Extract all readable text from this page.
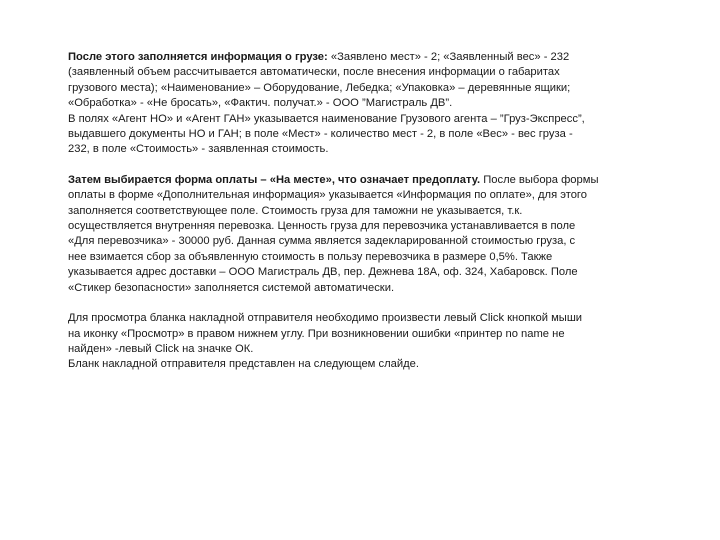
После этого заполняется информация о грузе: «Заявлено мест» - 2; «Заявленный вес» - 232
(заявленный объем рассчитывается автоматически, после внесения информации о габаритах
грузового места); «Наименование» – Оборудование, Лебедка; «Упаковка» – деревянные ящики;
«Обработка» - «Не бросать», «Фактич. получат.» - ООО ”Магистраль ДВ”.
В полях «Агент НО» и «Агент ГАН» указывается наименование Грузового агента – ”Груз-Экспресс”,
выдавшего документы НО и ГАН; в поле «Мест» - количество мест - 2, в поле «Вес» - вес груза -
232, в поле «Стоимость» - заявленная стоимость.
Затем выбирается форма оплаты – «На месте», что означает предоплату. После выбора формы
оплаты в форме «Дополнительная информация» указывается «Информация по оплате», для этого
заполняется соответствующее поле. Стоимость груза для таможни не указывается, т.к.
осуществляется внутренняя перевозка. Ценность груза для перевозчика устанавливается в поле
«Для перевозчика» - 30000 руб. Данная сумма является задекларированной стоимостью груза, с
нее взимается сбор за объявленную стоимость в пользу перевозчика в размере 0,5%. Также
указывается адрес доставки – ООО Магистраль ДВ, пер. Дежнева 18А, оф. 324, Хабаровск. Поле
«Стикер безопасности» заполняется системой автоматически.
Для просмотра бланка накладной отправителя необходимо произвести левый Click кнопкой мыши
на иконку «Просмотр» в правом нижнем углу. При возникновении ошибки «принтер no name не
найден» -левый Click на значке ОК.
Бланк накладной отправителя представлен на следующем слайде.
